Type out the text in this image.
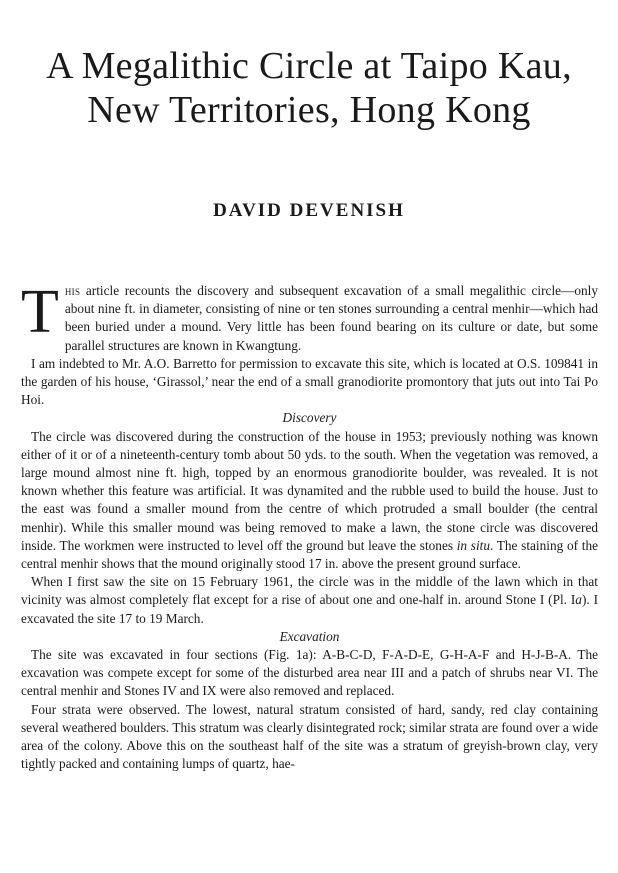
A Megalithic Circle at Taipo Kau,
New Territories, Hong Kong
DAVID DEVENISH

This article recounts the discovery and subsequent excavation of a small megalithic circle—only about nine ft. in diameter, consisting of nine or ten stones surrounding a central menhir—which had been buried under a mound. Very little has been found bearing on its culture or date, but some parallel structures are known in Kwangtung.

I am indebted to Mr. A.O. Barretto for permission to excavate this site, which is located at O.S. 109841 in the garden of his house, ‘Girassol,’ near the end of a small granodiorite promontory that juts out into Tai Po Hoi.

Discovery

The circle was discovered during the construction of the house in 1953; previously nothing was known either of it or of a nineteenth-century tomb about 50 yds. to the south. When the vegetation was removed, a large mound almost nine ft. high, topped by an enormous granodiorite boulder, was revealed. It is not known whether this feature was artificial. It was dynamited and the rubble used to build the house. Just to the east was found a smaller mound from the centre of which protruded a small boulder (the central menhir). While this smaller mound was being removed to make a lawn, the stone circle was discovered inside. The workmen were instructed to level off the ground but leave the stones in situ. The staining of the central menhir shows that the mound originally stood 17 in. above the present ground surface.

When I first saw the site on 15 February 1961, the circle was in the middle of the lawn which in that vicinity was almost completely flat except for a rise of about one and one-half in. around Stone I (Pl. Ia). I excavated the site 17 to 19 March.

Excavation

The site was excavated in four sections (Fig. 1a): A-B-C-D, F-A-D-E, G-H-A-F and H-J-B-A. The excavation was compete except for some of the disturbed area near III and a patch of shrubs near VI. The central menhir and Stones IV and IX were also removed and replaced.

Four strata were observed. The lowest, natural stratum consisted of hard, sandy, red clay containing several weathered boulders. This stratum was clearly disintegrated rock; similar strata are found over a wide area of the colony. Above this on the southeast half of the site was a stratum of greyish-brown clay, very tightly packed and containing lumps of quartz, hae-
